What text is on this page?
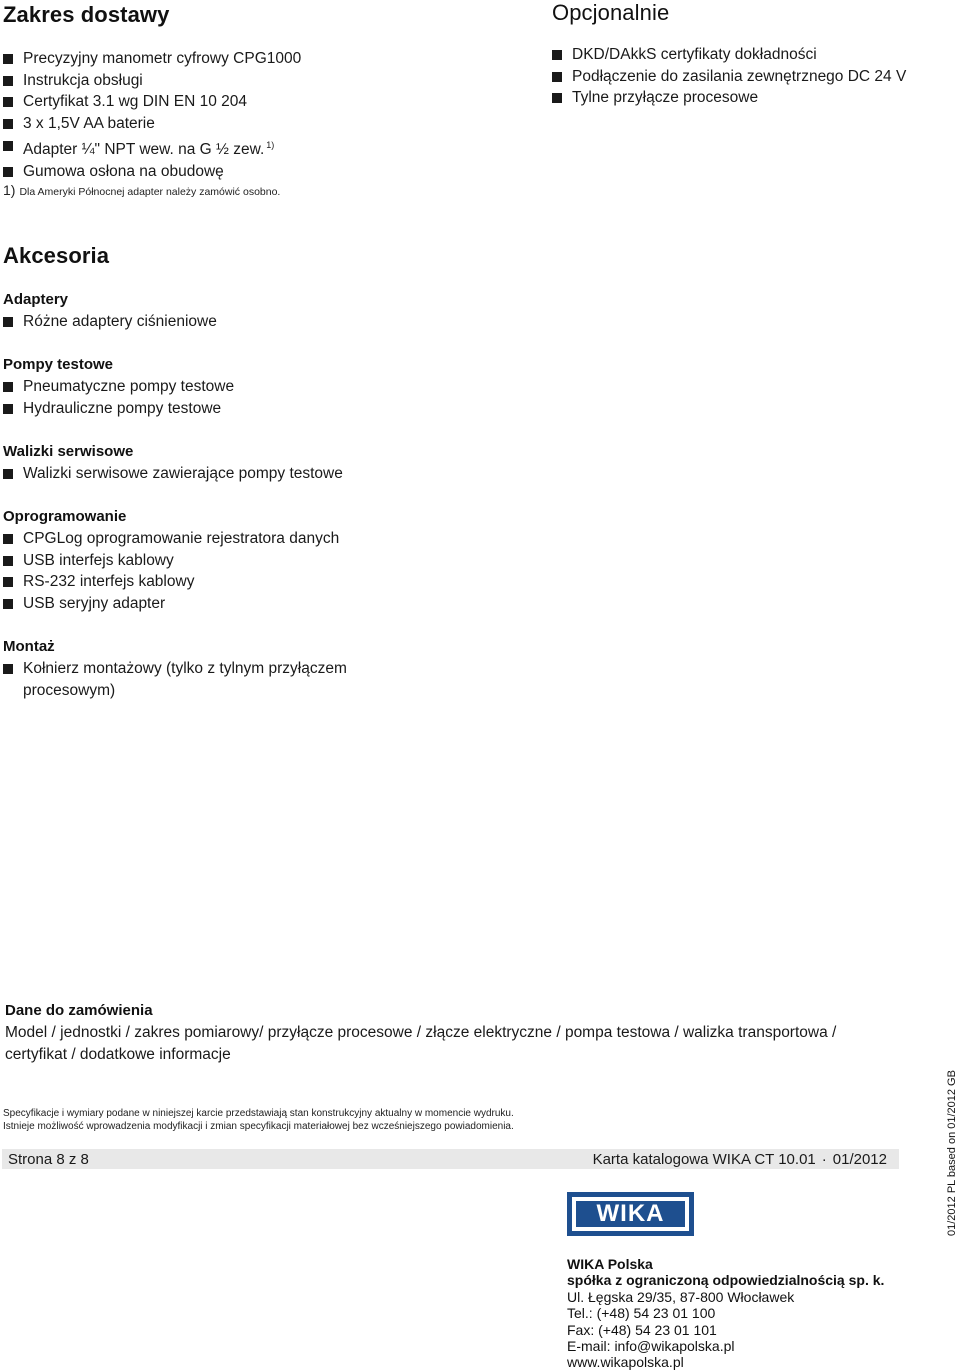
Zakres dostawy
Precyzyjny manometr cyfrowy CPG1000
Instrukcja obsługi
Certyfikat 3.1 wg DIN EN 10 204
3 x 1,5V AA baterie
Adapter ¼" NPT wew. na G ½ zew. $^{1)}$
Gumowa osłona na obudowę
1) Dla Ameryki Północnej adapter należy zamówić osobno.
Opcjonalnie
DKD/DAkkS certyfikaty dokładności
Podłączenie do zasilania zewnętrznego DC 24 V
Tylne przyłącze procesowe
Akcesoria
Adaptery
Różne adaptery ciśnieniowe
Pompy testowe
Pneumatyczne pompy testowe
Hydrauliczne pompy testowe
Walizki serwisowe
Walizki serwisowe zawierające pompy testowe
Oprogramowanie
CPGLog oprogramowanie rejestratora danych
USB interfejs kablowy
RS-232 interfejs kablowy
USB seryjny adapter
Montaż
Kołnierz montażowy (tylko z tylnym przyłączem procesowym)
Dane do zamówienia
Model / jednostki / zakres pomiarowy/ przyłącze procesowe / złącze elektryczne / pompa testowa / walizka transportowa /
certyfikat / dodatkowe informacje
Specyfikacje i wymiary podane w niniejszej karcie przedstawiają stan konstrukcyjny aktualny w momencie wydruku.
Istnieje możliwość wprowadzenia modyfikacji i zmian specyfikacji materiałowej bez wcześniejszego powiadomienia.
Strona 8 z 8	Karta katalogowa WIKA CT 10.01 · 01/2012
WIKA
WIKA Polska
spółka z ograniczoną odpowiedzialnością sp. k.
Ul. Łęgska 29/35, 87-800 Włocławek
Tel.: (+48) 54 23 01 100
Fax: (+48) 54 23 01 101
E-mail: info@wikapolska.pl
www.wikapolska.pl
01/2012 PL based on 01/2012 GB
